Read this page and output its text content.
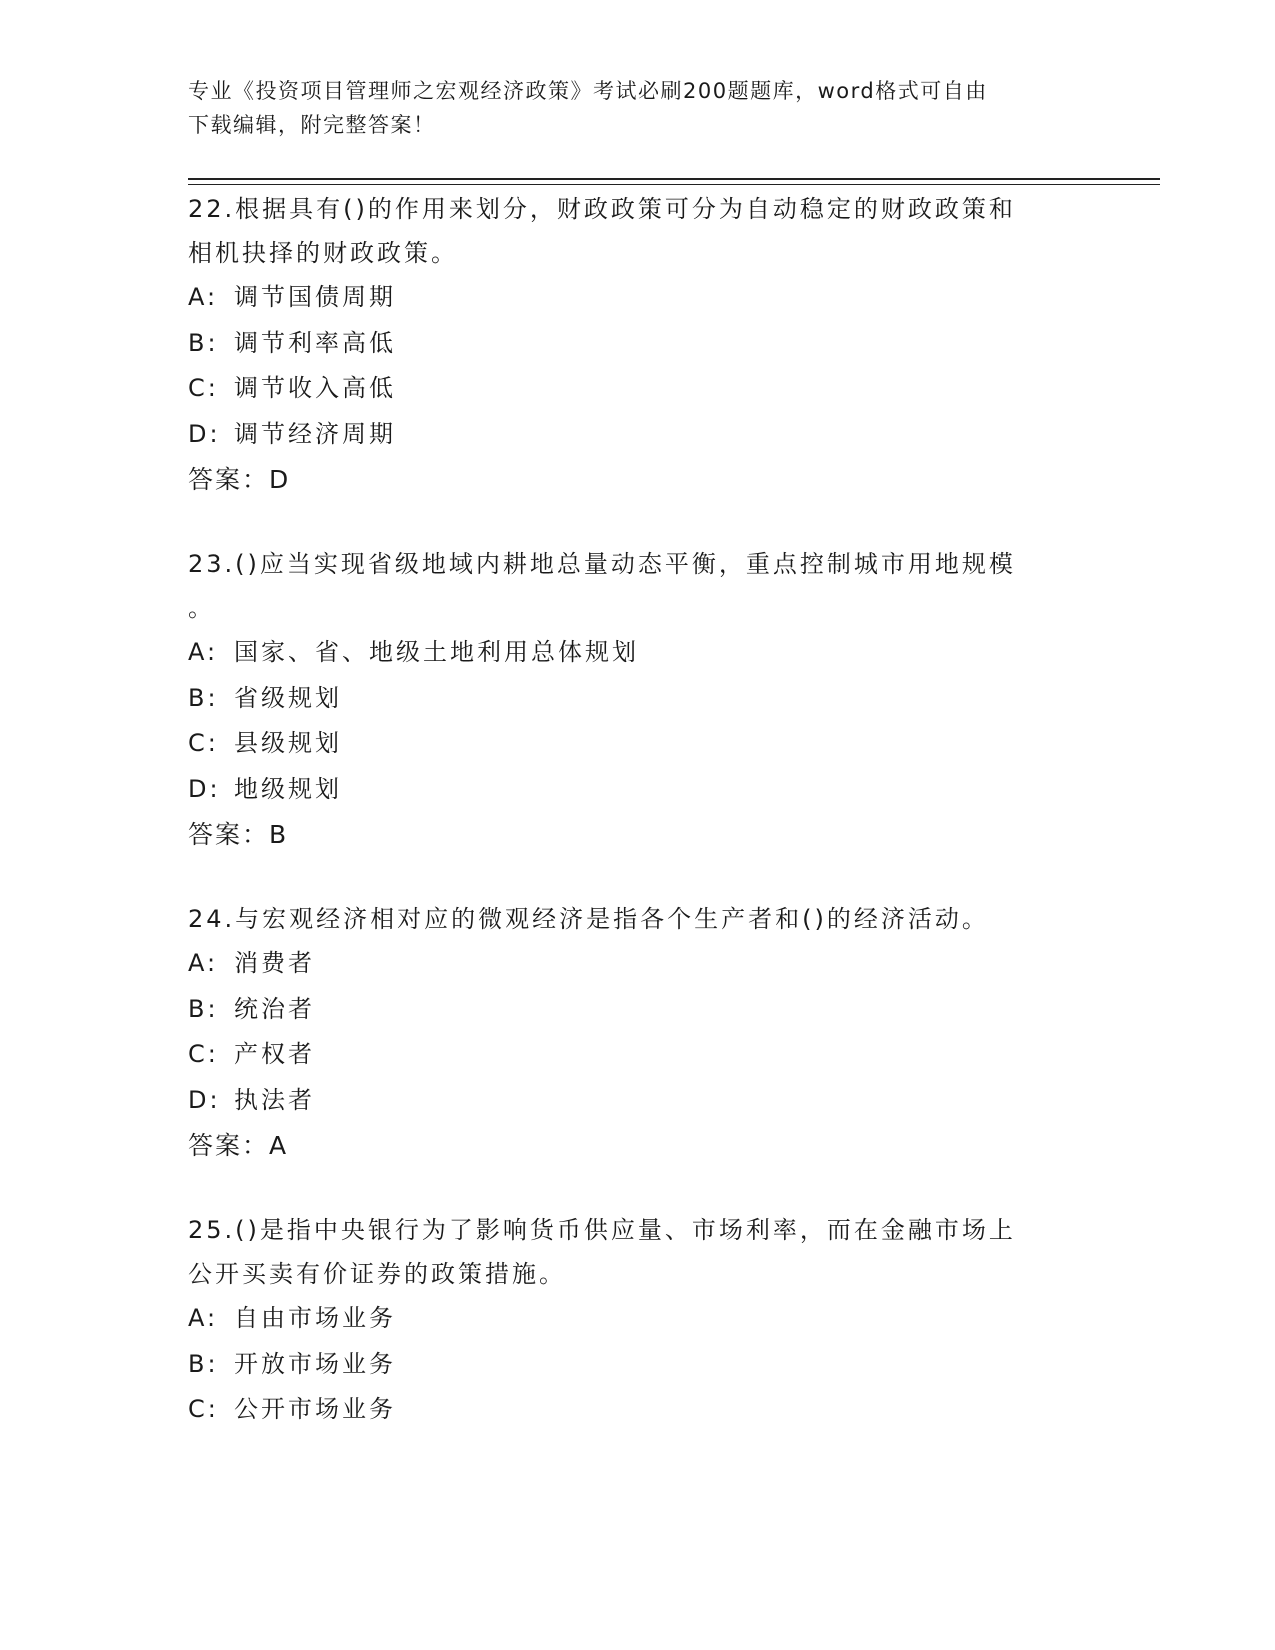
专业《投资项目管理师之宏观经济政策》考试必刷200题题库，word格式可自由
下载编辑，附完整答案！

22.根据具有()的作用来划分，财政政策可分为自动稳定的财政政策和
相机抉择的财政政策。

A: 调节国债周期
B: 调节利率高低
C: 调节收入高低
D: 调节经济周期
答案：D

23.()应当实现省级地域内耕地总量动态平衡，重点控制城市用地规模
。

A: 国家、省、地级土地利用总体规划
B: 省级规划
C: 县级规划
D: 地级规划
答案：B

24.与宏观经济相对应的微观经济是指各个生产者和()的经济活动。

A: 消费者
B: 统治者
C: 产权者
D: 执法者
答案：A

25.()是指中央银行为了影响货币供应量、市场利率，而在金融市场上
公开买卖有价证券的政策措施。

A: 自由市场业务
B: 开放市场业务
C: 公开市场业务
